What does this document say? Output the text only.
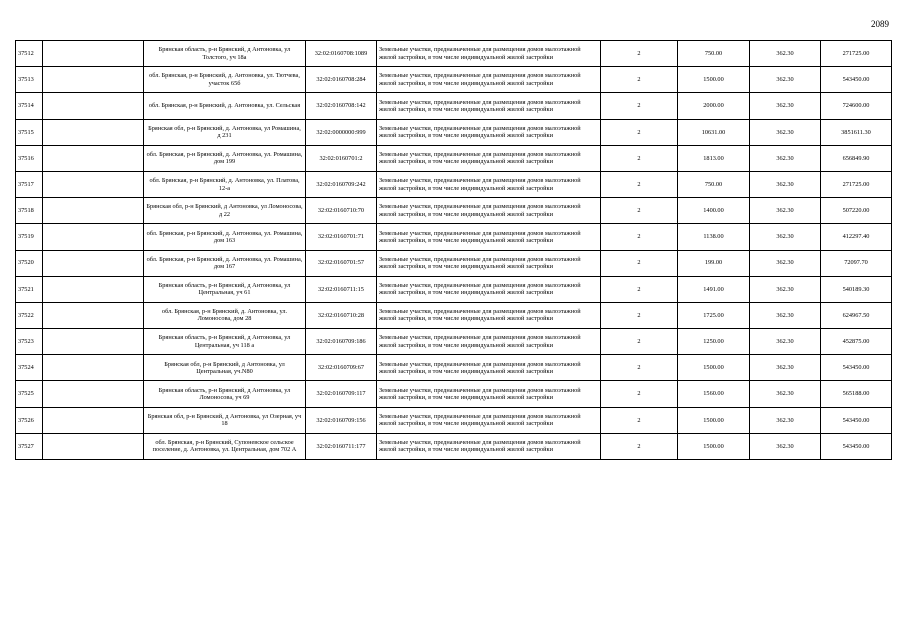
2089
37512		Брянская область, р-н Брянский, д Антоновка, ул Толстого, уч 18а	32:02:0160708:1089	Земельные участки, предназначенные для размещения домов малоэтажной жилой застройки, в том числе индивидуальной жилой застройки	2	750.00	362.30	271725.00
37513		обл. Брянская, р-н Брянский, д. Антоновка, ул. Тютчева, участок 65б	32:02:0160708:284	Земельные участки, предназначенные для размещения домов малоэтажной жилой застройки, в том числе индивидуальной жилой застройки	2	1500.00	362.30	543450.00
37514		обл. Брянская, р-н Брянский, д. Антоновка, ул. Сельская	32:02:0160708:142	Земельные участки, предназначенные для размещения домов малоэтажной жилой застройки, в том числе индивидуальной жилой застройки	2	2000.00	362.30	724600.00
37515		Брянская обл, р-н Брянский, д. Антоновка, ул Ромашина, д 231	32:02:0000000:999	Земельные участки, предназначенные для размещения домов малоэтажной жилой застройки, в том числе индивидуальной жилой застройки	2	10631.00	362.30	3851611.30
37516		обл. Брянская, р-н Брянский, д. Антоновка, ул. Ромашина, дом 199	32:02:0160701:2	Земельные участки, предназначенные для размещения домов малоэтажной жилой застройки, в том числе индивидуальной жилой застройки	2	1813.00	362.30	656849.90
37517		обл. Брянская, р-н Брянский, д. Антоновка, ул. Платова, 12-а	32:02:0160709:242	Земельные участки, предназначенные для размещения домов малоэтажной жилой застройки, в том числе индивидуальной жилой застройки	2	750.00	362.30	271725.00
37518		Брянская обл, р-н Брянский, д Антоновка, ул Ломоносова, д 22	32:02:0160710:70	Земельные участки, предназначенные для размещения домов малоэтажной жилой застройки, в том числе индивидуальной жилой застройки	2	1400.00	362.30	507220.00
37519		обл. Брянская, р-н Брянский, д. Антоновка, ул. Ромашина, дом 163	32:02:0160701:71	Земельные участки, предназначенные для размещения домов малоэтажной жилой застройки, в том числе индивидуальной жилой застройки	2	1138.00	362.30	412297.40
37520		обл. Брянская, р-н Брянский, д. Антоновка, ул. Ромашина, дом 167	32:02:0160701:57	Земельные участки, предназначенные для размещения домов малоэтажной жилой застройки, в том числе индивидуальной жилой застройки	2	199.00	362.30	72097.70
37521		Брянская область, р-н Брянский, д Антоновка, ул Центральная, уч 61	32:02:0160711:15	Земельные участки, предназначенные для размещения домов малоэтажной жилой застройки, в том числе индивидуальной жилой застройки	2	1491.00	362.30	540189.30
37522		обл. Брянская, р-н Брянский, д. Антоновка, ул. Ломоносова, дом 28	32:02:0160710:28	Земельные участки, предназначенные для размещения домов малоэтажной жилой застройки, в том числе индивидуальной жилой застройки	2	1725.00	362.30	624967.50
37523		Брянская область, р-н Брянский, д Антоновка, ул Центральная, уч 118 а	32:02:0160709:186	Земельные участки, предназначенные для размещения домов малоэтажной жилой застройки, в том числе индивидуальной жилой застройки	2	1250.00	362.30	452875.00
37524		Брянская обл, р-н Брянский, д Антоновка, ул Центральная, уч.N80	32:02:0160709:67	Земельные участки, предназначенные для размещения домов малоэтажной жилой застройки, в том числе индивидуальной жилой застройки	2	1500.00	362.30	543450.00
37525		Брянская область, р-н Брянский, д Антоновка, ул Ломоносова, уч 69	32:02:0160709:117	Земельные участки, предназначенные для размещения домов малоэтажной жилой застройки, в том числе индивидуальной жилой застройки	2	1560.00	362.30	565188.00
37526		Брянская обл, р-н Брянский, д Антоновка, ул Озерная, уч 18	32:02:0160709:156	Земельные участки, предназначенные для размещения домов малоэтажной жилой застройки, в том числе индивидуальной жилой застройки	2	1500.00	362.30	543450.00
37527		обл. Брянская, р-н Брянский, Супоневское сельское поселение, д. Антоновка, ул. Центральная, дом 702 А	32:02:0160711:177	Земельные участки, предназначенные для размещения домов малоэтажной жилой застройки, в том числе индивидуальной жилой застройки	2	1500.00	362.30	543450.00
